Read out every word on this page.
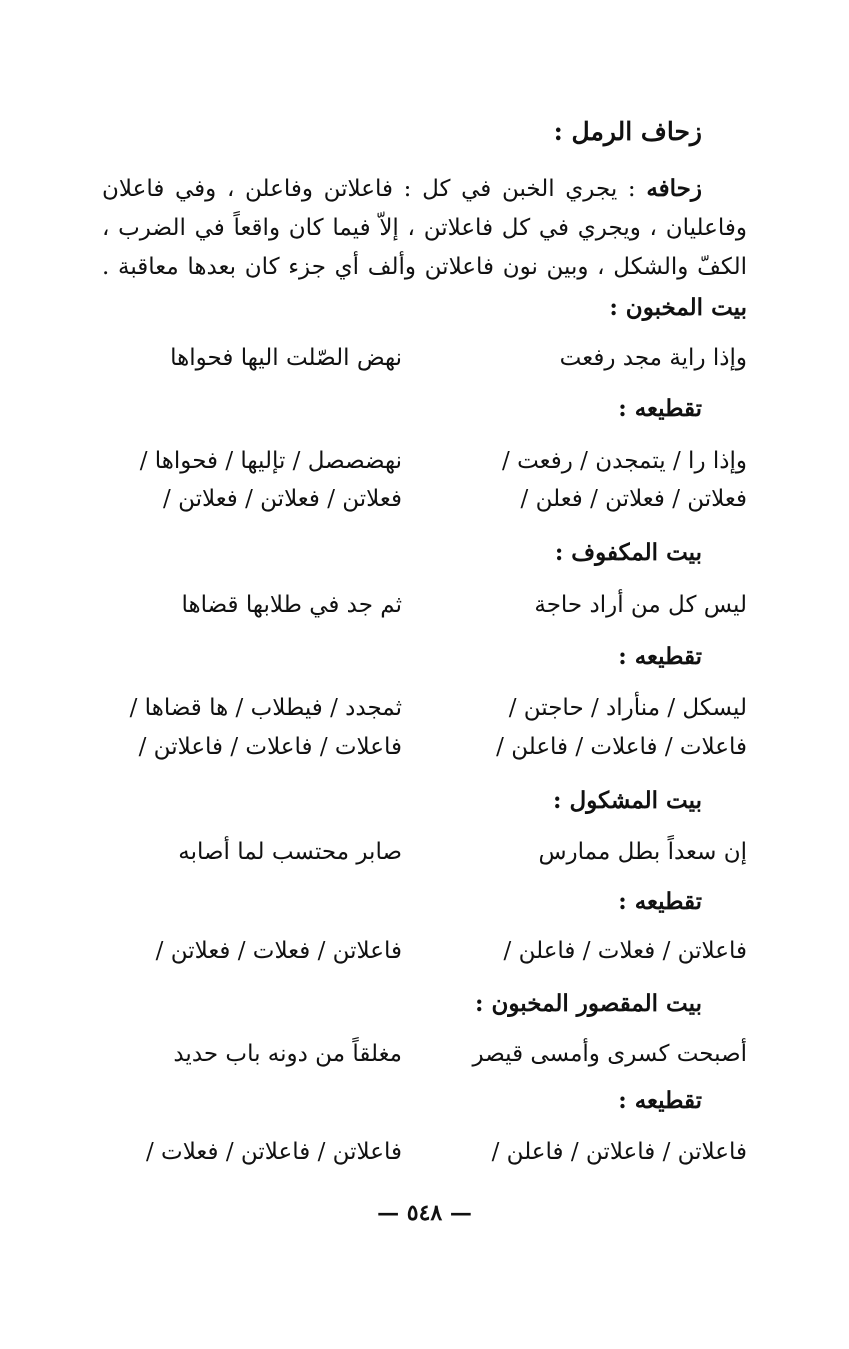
زحاف الرمل :
زحافه : يجري الخبن في كل : فاعلاتن وفاعلن ، وفي فاعلان
وفاعليان ، ويجري في كل فاعلاتن ، إلاّ فيما كان واقعاً في الضرب ،
الكفّ والشكل ، وبين نون فاعلاتن وألف أي جزء كان بعدها معاقبة .
بيت المخبون :
وإذا راية مجد رفعت
نهض الصّلت اليها فحواها
تقطيعه :
وإذا را / يتمجدن / رفعت /
نهضصصل / تإليها / فحواها /
فعلاتن / فعلاتن / فعلن /
فعلاتن / فعلاتن / فعلاتن /
بيت المكفوف :
ليس كل من أراد حاجة
ثم جد في طلابها قضاها
تقطيعه :
ليسكل / منأراد / حاجتن /
ثمجدد / فيطلاب / ها قضاها /
فاعلات / فاعلات / فاعلن /
فاعلات / فاعلات / فاعلاتن /
بيت المشكول :
إن سعداً بطل ممارس
صابر محتسب لما أصابه
تقطيعه :
فاعلاتن / فعلات / فاعلن /
فاعلاتن / فعلات / فعلاتن /
بيت المقصور المخبون :
أصبحت كسرى وأمسى قيصر
مغلقاً من دونه باب حديد
تقطيعه :
فاعلاتن / فاعلاتن / فاعلن /
فاعلاتن / فاعلاتن / فعلات /
— ٥٤٨ —
